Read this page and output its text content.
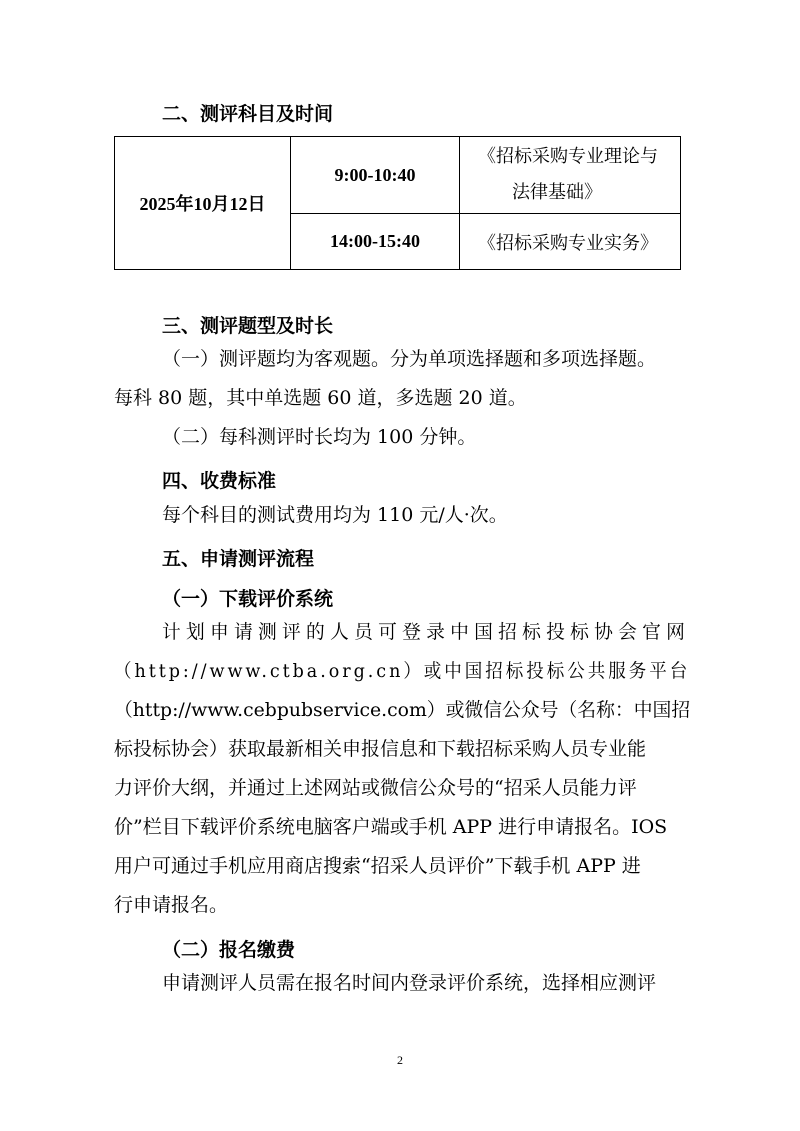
二、测评科目及时间
2025年10月12日	9:00-10:40	《招标采购专业理论与
法律基础》

	14:00-15:40	《招标采购专业实务》
三、测评题型及时长
（一）测评题均为客观题。分为单项选择题和多项选择题。
每科 80 题，其中单选题 60 道，多选题 20 道。
（二）每科测评时长均为 100 分钟。
四、收费标准
每个科目的测试费用均为 110 元/人·次。
五、申请测评流程
（一）下载评价系统
计划申请测评的人员可登录中国招标投标协会官网
（http://www.ctba.org.cn）或中国招标投标公共服务平台
（http://www.cebpubservice.com）或微信公众号（名称：中国招
标投标协会）获取最新相关申报信息和下载招标采购人员专业能
力评价大纲，并通过上述网站或微信公众号的“招采人员能力评
价”栏目下载评价系统电脑客户端或手机 APP 进行申请报名。IOS
用户可通过手机应用商店搜索“招采人员评价”下载手机 APP 进
行申请报名。
（二）报名缴费
申请测评人员需在报名时间内登录评价系统，选择相应测评
2
